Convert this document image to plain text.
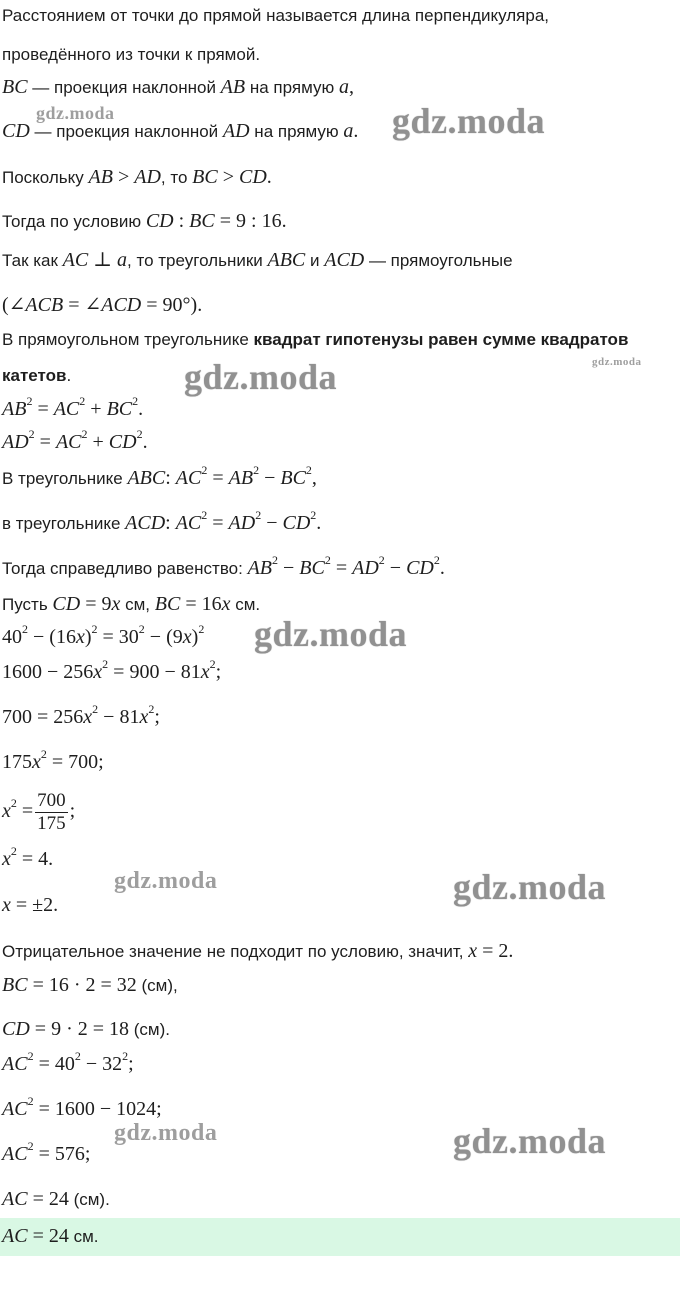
Расстоянием от точки до прямой называется длина перпендикуляра,
проведённого из точки к прямой.
BC — проекция наклонной AB на прямую a,
CD — проекция наклонной AD на прямую a.
Поскольку AB > AD, то BC > CD.
Тогда по условию CD : BC = 9 : 16.
Так как AC ⊥ a, то треугольники ABC и ACD — прямоугольные
(∠ACB = ∠ACD = 90°).
В прямоугольном треугольнике квадрат гипотенузы равен сумме квадратов
катетов.
$AB^2 = AC^2 + BC^2$.
$AD^2 = AC^2 + CD^2$.
В треугольнике ABC: $AC^2 = AB^2 - BC^2$,
в треугольнике ACD: $AC^2 = AD^2 - CD^2$.
Тогда справедливо равенство: $AB^2 - BC^2 = AD^2 - CD^2$.
Пусть CD = 9x см, BC = 16x см.
$40^2 - (16x)^2 = 30^2 - (9x)^2$
$1600 - 256x^2 = 900 - 81x^2$;
$700 = 256x^2 - 81x^2$;
$175x^2 = 700$;
$x^2 = \frac{700}{175}$ ;
$x^2 = 4$.
x = ±2.
Отрицательное значение не подходит по условию, значит, x = 2.
BC = 16 · 2 = 32 (см),
CD = 9 · 2 = 18 (см).
$AC^2 = 40^2 - 32^2$;
$AC^2 = 1600 - 1024$;
$AC^2 = 576$;
AC = 24 (см).
AC = 24 см.
gdz.moda	gdz.moda
gdz.moda
gdz.moda
gdz.moda
gdz.moda	gdz.moda
gdz.moda	gdz.moda
